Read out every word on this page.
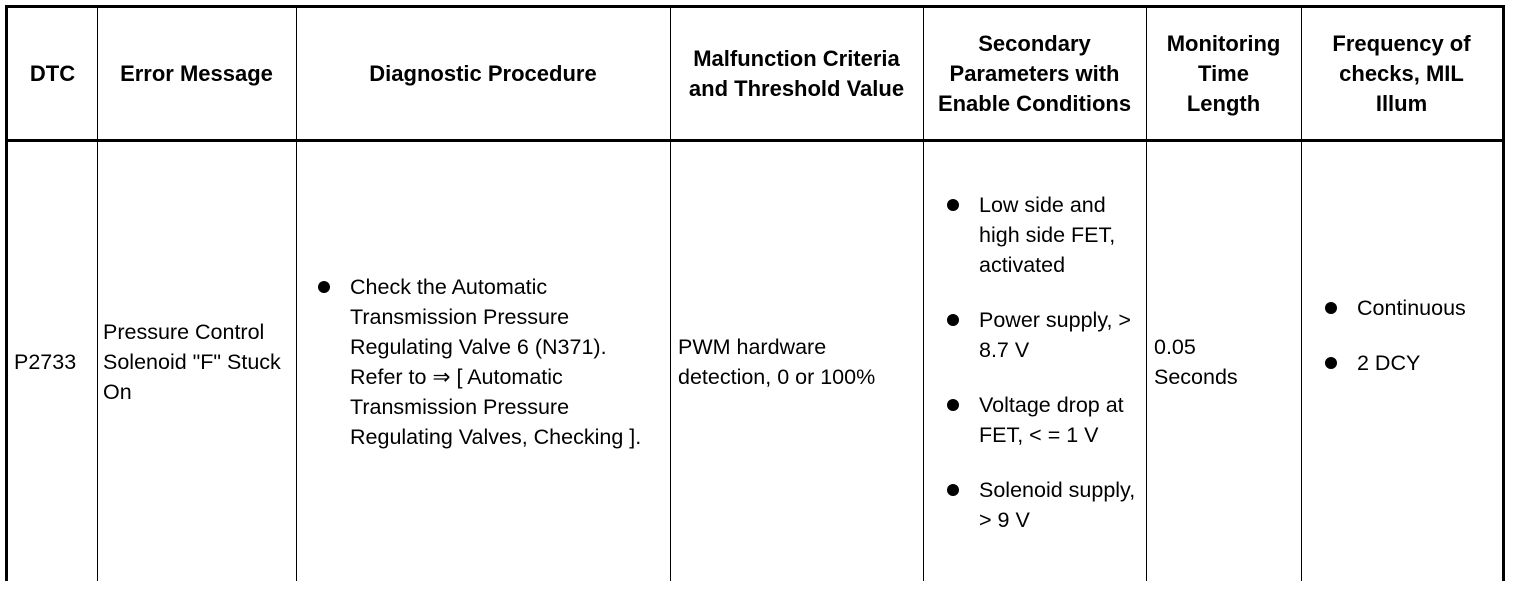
DTC Error Message	Diagnostic Procedure
Malfunction Criteria and Threshold Value
Secondary Parameters with Enable Conditions
Monitoring Time Length
Frequency of checks, MIL Illum
P2733
Pressure Control Solenoid "F" Stuck On
Check the Automatic Transmission Pressure Regulating Valve 6 (N371). Refer to ⇒ [ Automatic Transmission Pressure Regulating Valves, Checking ].
PWM hardware detection, 0 or 100%
Low side and high side FET, activated
Power supply, > 8.7 V
Voltage drop at FET, < = 1 V
Solenoid supply, > 9 V
0.05 Seconds
Continuous
2 DCY
